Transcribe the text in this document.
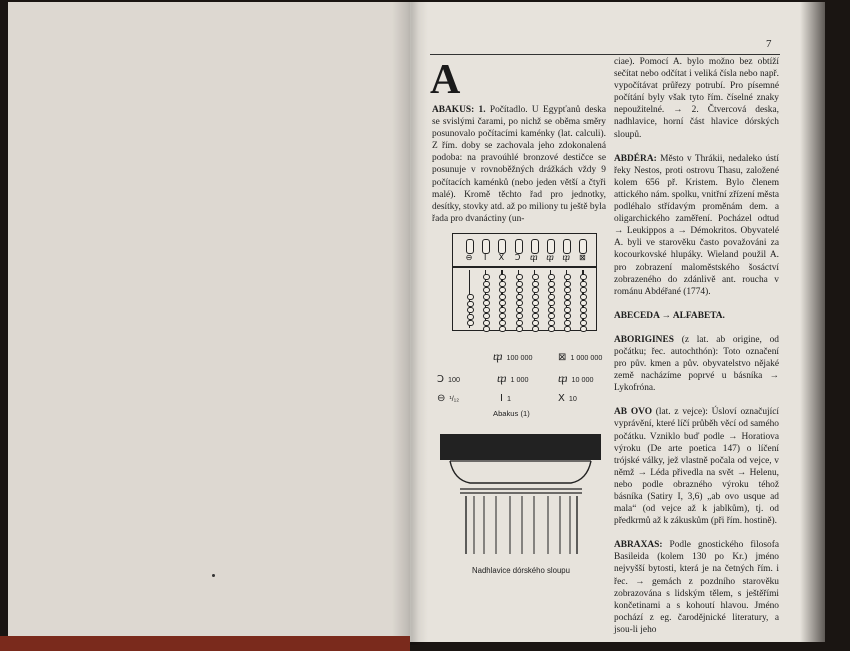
7
A

ABAKUS: 1. Počítadlo. U Egypťanů deska se svislými čarami, po nichž se oběma směry posunovalo počítacími kaménky (lat. calculi). Z řím. doby se zachovala jeho zdokonalená podoba: na pravoúhlé bronzové destičce se posunuje v rovnoběžných drážkách vždy 9 počítacích kaménků (nebo jeden větší a čtyři malé). Kromě těchto řad pro jednotky, desítky, stovky atd. až po miliony tu ještě byla řada pro dvanáctiny (un-

⊖	I	X	Ↄ	ⴔ ⴔ ⴔ	⊠
ⴔ 100 000	⊠ 1 000 000
Ↄ 100	ⴔ 1 000	ⴔ 10 000
⊖ ¹/₁₂	I 1	X 10
Abakus (1)
Nadhlavice dórského sloupu

ciae). Pomocí A. bylo možno bez obtíží sečítat nebo odčítat i veliká čísla nebo např. vypočítávat průřezy potrubí. Pro písemné počítání byly však tyto řím. číselné znaky nepoužitelné. → 2. Čtvercová deska, nadhlavice, horní část hlavice dórských sloupů.

ABDÉRA: Město v Thrákii, nedaleko ústí řeky Nestos, proti ostrovu Thasu, založené kolem 656 př. Kristem. Bylo členem attického nám. spolku, vnitřní zřízení města podléhalo střídavým proměnám dem. a oligarchického zaměření. Pocházel odtud → Leukippos a → Démokritos. Obyvatelé A. byli ve starověku často považováni za kocourkovské hlupáky. Wieland použil A. pro zobrazení maloměstského šosáctví zobrazeného do zdánlivě ant. roucha v románu Abdéřané (1774).

ABECEDA → ALFABETA.

ABORIGINES (z lat. ab origine, od počátku; řec. autochthón): Toto označení pro pův. kmen a pův. obyvatelstvo nějaké země nacházíme poprvé u básníka → Lykofróna.

AB OVO (lat. z vejce): Úsloví označující vyprávění, které líčí průběh věcí od samého počátku. Vzniklo buď podle → Horatiova výroku (De arte poetica 147) o líčení trójské války, jež vlastně počala od vejce, v němž → Léda přivedla na svět → Helenu, nebo podle obrazného výroku téhož básníka (Satiry I, 3,6) „ab ovo usque ad mala“ (od vejce až k jablkům), tj. od předkrmů až k zákuskům (při řím. hostině).

ABRAXAS: Podle gnostického filosofa Basileida (kolem 130 po Kr.) jméno nejvyšší bytosti, která je na četných řím. i řec. → gemách z pozdního starověku zobrazována s lidským tělem, s ještěřími končetinami a s kohoutí hlavou. Jméno pochází z eg. čarodějnické literatury, a jsou-li jeho
